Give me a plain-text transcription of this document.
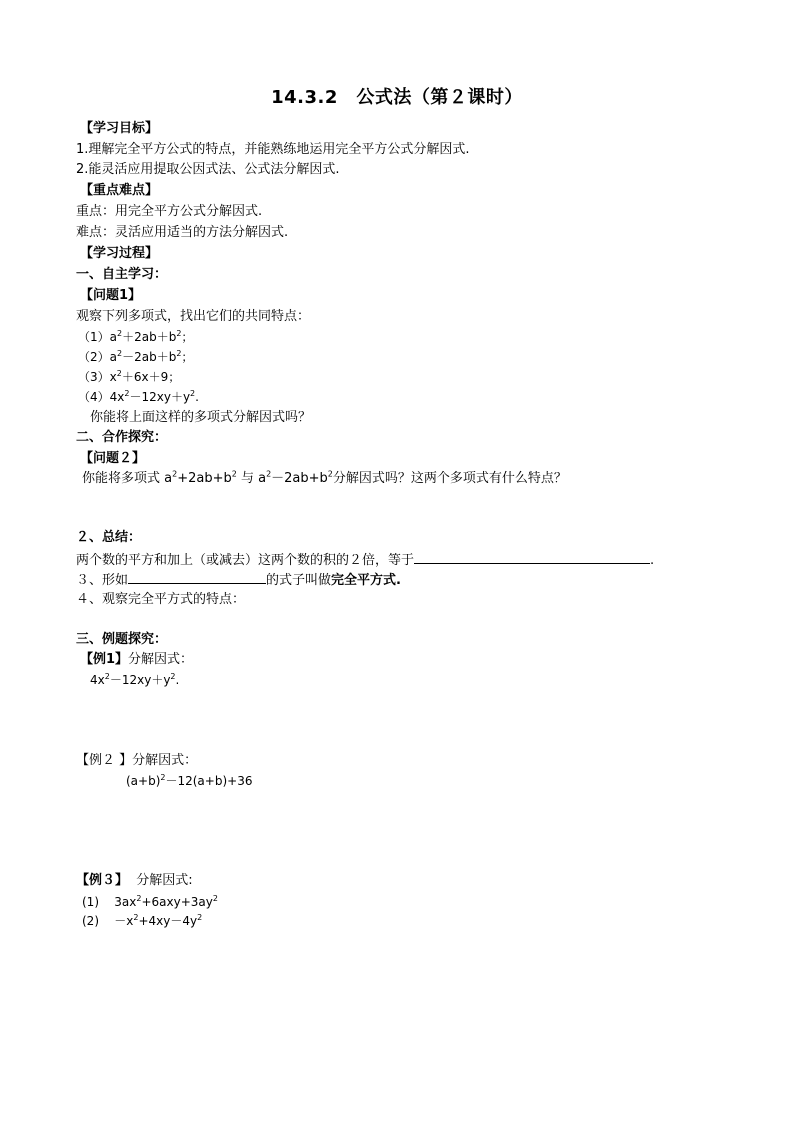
14.3.2　公式法（第２课时）
【学习目标】
1.理解完全平方公式的特点，并能熟练地运用完全平方公式分解因式.
2.能灵活应用提取公因式法、公式法分解因式.
【重点难点】
重点：用完全平方公式分解因式.
难点：灵活应用适当的方法分解因式.
【学习过程】
一、自主学习：
【问题1】
观察下列多项式，找出它们的共同特点：
$(1)a^2+2ab+b^2$；
$(2)a^2-2ab+b^2$；
$(3)x^2+6x+9$；
$(4)4x^2-12xy+y^2$.
你能将上面这样的多项式分解因式吗？
二、合作探究：
【问题２】
你能将多项式 $a^2+2ab+b^2$ 与 $a^2-2ab+b^2$分解因式吗？这两个多项式有什么特点？
２、总结：
两个数的平方和加上（或减去）这两个数的积的２倍，等于	.
３、形如	的式子叫做完全平方式.
４、观察完全平方式的特点：
三、例题探究：
【例1】分解因式：
$4x^2-12xy+y^2$.
【例２ 】分解因式：
$(a+b)^2-12(a+b)+36$
【例３】 分解因式:
(1) $3ax^2+6axy+3ay^2$
$(2) -x^2+4xy-4y^2$
